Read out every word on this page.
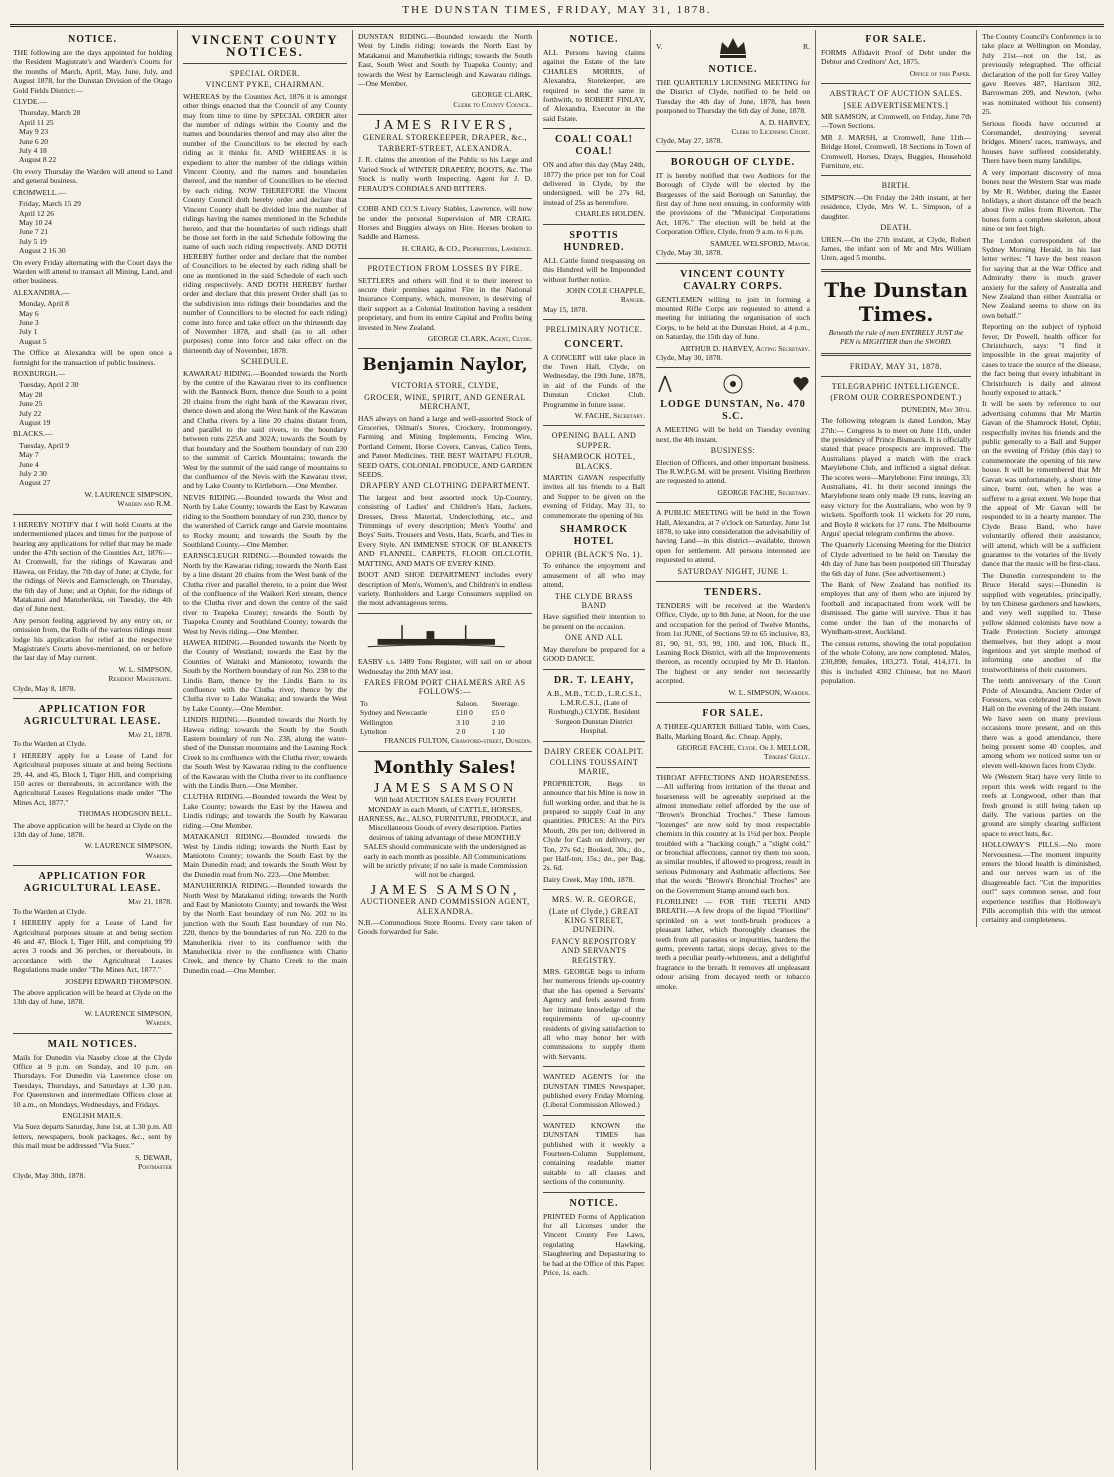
THE DUNSTAN TIMES, FRIDAY, MAY 31, 1878.
NOTICE.

THE following are the days appointed for holding the Resident Magistrate's and Warden's Courts for the months of March, April, May, June, July, and August 1878, for the Dunstan Division of the Otago Gold Fields District:—

CLYDE.—
Thursday, March 28
April 11 25
May 9 23
June 6 20
July 4 18
August 8 22

On every Thursday the Warden will attend to Land and general business.

CROMWELL.—
Friday, March 15 29
April 12 26
May 10 24
June 7 21
July 5 19
August 2 16 30

On every Friday alternating with the Court days the Warden will attend to transact all Mining, Land, and other business.

ALEXANDRA.—
Monday, April 8
May 6
June 3
July 1
August 5

The Office at Alexandra will be open once a fortnight for the transaction of public business.

ROXBURGH.—
Tuesday, April 2 30
May 28
June 25
July 22
August 19
BLACKS.—
Tuesday, April 9
May 7
June 4
July 2 30
August 27
W. LAURENCE SIMPSON,
Warden and R.M.

I HEREBY NOTIFY that I will hold Courts at the undermentioned places and times for the purpose of hearing any applications for relief that may be made under the 47th section of the Counties Act, 1876:— At Cromwell, for the ridings of Kawarau and Hawea, on Friday, the 7th day of June; at Clyde, for the ridings of Nevis and Earnscleugh, on Thursday, the 6th day of June; and at Ophir, for the ridings of Matakanui and Manuherikia, on Tuesday, the 4th day of June next.

Any person feeling aggrieved by any entry on, or omission from, the Rolls of the various ridings must lodge his application for relief at the respective Magistrate's Courts above-mentioned, on or before the last day of May current.

W. L. SIMPSON,
Resident Magistrate.
Clyde, May 8, 1878.
APPLICATION FOR AGRICULTURAL LEASE.
May 21, 1878.
To the Warden at Clyde.

I HEREBY apply for a Lease of Land for Agricultural purposes situate at and being Sections 29, 44, and 45, Block I, Tiger Hill, and comprising 150 acres or thereabouts, in accordance with the Agricultural Leases Regulations made under "The Mines Act, 1877."

THOMAS HODGSON BELL.

The above application will be heard at Clyde on the 13th day of June, 1878.

W. LAURENCE SIMPSON,
Warden.
APPLICATION FOR AGRICULTURAL LEASE.
May 21, 1878.
To the Warden at Clyde.

I HEREBY apply for a Lease of Land for Agricultural purposes situate at and being section 46 and 47, Block I, Tiger Hill, and comprising 99 acres 3 roods and 36 perches, or thereabouts, in accordance with the Agricultural Leases Regulations made under "The Mines Act, 1877."

JOSEPH EDWARD THOMPSON.

The above application will be heard at Clyde on the 13th day of June, 1878.

W. LAURENCE SIMPSON,
Warden.
MAIL NOTICES.

Mails for Dunedin via Naseby close at the Clyde Office at 9 p.m. on Sunday, and 10 p.m. on Thursdays. For Dunedin via Lawrence close on Tuesdays, Thursdays, and Saturdays at 1.30 p.m. For Queenstown and intermediate Offices close at 10 a.m., on Mondays, Wednesdays, and Fridays.

ENGLISH MAILS.

Via Suez departs Saturday, June 1st, at 1.30 p.m. All letters, newspapers, book packages, &c., sent by this mail must be addressed "Via Suez."

S. DEWAR,
Postmaster
Clyde, May 30th, 1878.
VINCENT COUNTY NOTICES.
SPECIAL ORDER.
VINCENT PYKE, CHAIRMAN.

WHEREAS by the Counties Act, 1876 it is amongst other things enacted that the Council of any County may from time to time by SPECIAL ORDER alter the number of ridings within the County and the names and boundaries thereof and may also alter the number of the Councillors to be elected by each riding as it thinks fit. AND WHEREAS it is expedient to alter the number of the ridings within Vincent County, and the names and boundaries thereof, and the number of Councillors to be elected by each riding. NOW THEREFORE the Vincent County Council doth hereby order and declare that Vincent County shall be divided into the number of ridings having the names mentioned in the Schedule hereto, and that the boundaries of such ridings shall be those set forth in the said Schedule following the name of each such riding respectively. AND DOTH HEREBY further order and declare that the number of Councillors to be elected by each riding shall be one as mentioned in the said Schedule of each such riding respectively. AND DOTH HEREBY further order and declare that this present Order shall (as to the subdivision into ridings their boundaries and the number of Councillors to be elected for each riding) come into force and take effect on the thirteenth day of November 1878, and shall (as to all other purposes) come into force and take effect on the thirteenth day of November, 1878.

SCHEDULE.

KAWARAU RIDING.—Bounded towards the North by the centre of the Kawarau river to its confluence with the Bannock Burn, thence due South to a point 20 chains from the right bank of the Kawarau river, thence down and along the West bank of the Kawarau and Clutha rivers by a line 20 chains distant from, and parallel to the said rivers, to the boundary between runs 225A and 302A; towards the South by that boundary and the Southern boundary of run 230 to the summit of Carrick Mountains; towards the West by the summit of the said range of mountains to the confluence of the Nevis with the Kawarau river, and by Lake County to Kirtleburn.—One Member.

NEVIS RIDING.—Bounded towards the West and North by Lake County; towards the East by Kawarau riding to the Southern boundary of run 230, thence by the watershed of Carrick range and Garvie mountains to Rocky mount; and towards the South by the Southland County.—One Member.

EARNSCLEUGH RIDING.—Bounded towards the North by the Kawarau riding; towards the North East by a line distant 20 chains from the West bank of the Clutha river and parallel thereto, to a point due West of the confluence of the Waikeri Keri stream, thence to the Clutha river and down the centre of the said river to Teapeka County; towards the South by Tuapeka County and Southland County; towards the West by Nevis riding.—One Member.

HAWEA RIDING.—Bounded towards the North by the County of Westland; towards the East by the Counties of Waitaki and Maniototo; towards the South by the Northern boundary of run No. 238 to the Lindis Barn, thence by the Lindis Barn to its confluence with the Clutha river, thence by the Clutha river to Lake Wanaka; and towards the West by Lake County.—One Member.

LINDIS RIDING.—Bounded towards the North by Hawea riding; towards the South by the South Eastern boundary of run No. 238, along the water-shed of the Dunstan mountains and the Leaning Rock Creek to its confluence with the Clutha river; towards the South West by Kawarau riding to the confluence of the Kawarau with the Clutha river to its confluence with the Lindis Burn.—One Member.

CLUTHA RIDING.—Bounded towards the West by Lake County; towards the East by the Hawea and Lindis ridings; and towards the South by Kawarau riding.—One Member.

MATAKANUI RIDING.—Bounded towards the West by Lindis riding; towards the North East by Maniototo County; towards the South East by the Main Dunedin road; and towards the South West by the Dunedin road from No. 223.—One Member.

MANUHERIKIA RIDING.—Bounded towards the North West by Matakanui riding; towards the North and East by Maniototo County; and towards the West by the North East boundary of run No. 202 to its junction with the South East boundary of run No. 220, thence by the boundaries of run No. 220 to the Manuherikia river to its confluence with the Manuherikia river to the confluence with Chatto Creek, and thence by Chatto Creek to the main Dunedin road.—One Member.

DUNSTAN RIDING.—Bounded towards the North West by Lindis riding; towards the North East by Matakanui and Manuherikia ridings; towards the South East, South West and South by Tuapeka County; and towards the West by Earnscleugh and Kawarau ridings.—One Member.

GEORGE CLARK,
Clerk to County Council.
JAMES RIVERS,
GENERAL STOREKEEPER, DRAPER, &c.,
TARBERT-STREET, ALEXANDRA.

J. R. claims the attention of the Public to his Large and Varied Stock of WINTER DRAPERY, BOOTS, &c. The Stock is really worth Inspecting. Agent for J. D. FERAUD'S CORDIALS AND BITTERS.

COBB AND CO.'S Livery Stables, Lawrence, will now be under the personal Supervision of MR CRAIG. Horses and Buggies always on Hire. Horses broken to Saddle and Harness.

H. CRAIG, & CO., Proprietors, Lawrence.
PROTECTION FROM LOSSES BY FIRE.

SETTLERS and others will find it to their interest to secure their premises against Fire in the National Insurance Company, which, moreover, is deserving of their support as a Colonial Institution having a resident proprietary, and from its entire Capital and Profits being invested in New Zealand.

GEORGE CLARK, Agent, Clyde.
Benjamin Naylor,
VICTORIA STORE, CLYDE,
GROCER, WINE, SPIRIT, AND GENERAL MERCHANT,

HAS always on hand a large and well-assorted Stock of Groceries, Oilman's Stores, Crockery, Ironmongery, Farming and Mining Implements, Fencing Wire, Portland Cement, Horse Covers, Canvas, Calico Tents, and Patent Medicines. THE BEST WAITAPU FLOUR, SEED OATS, COLONIAL PRODUCE, AND GARDEN SEEDS.

DRAPERY AND CLOTHING DEPARTMENT.

The largest and best assorted stock Up-Country, consisting of Ladies' and Children's Hats, Jackets, Dresses, Dress Material, Underclothing, etc., and Trimmings of every description; Men's Youths' and Boys' Suits. Trousers and Vests, Hats, Scarfs, and Ties in Every Style. AN IMMENSE STOCK OF BLANKETS AND FLANNEL. CARPETS, FLOOR OILCLOTH, MATTING, AND MATS OF EVERY KIND.

BOOT AND SHOE DEPARTMENT includes every description of Men's, Women's, and Children's in endless variety. Runholders and Large Consumers supplied on the most advantageous terms.

EASBY s.s. 1489 Tons Register, will sail on or about Wednesday the 20th MAY inst.

FARES FROM PORT CHALMERS ARE AS FOLLOWS:—
To	Saloon.	Steerage.
Sydney and Newcastle	£10 0	£5 0
Wellington	3 10	2 10
Lyttelton	2 0	1 10
FRANCIS FULTON, Crawford-street, Dunedin.
Monthly Sales!
JAMES SAMSON

Will hold AUCTION SALES Every FOURTH MONDAY in each Month, of CATTLE, HORSES, HARNESS, &c., ALSO, FURNITURE, PRODUCE, and Miscellaneous Goods of every description. Parties desirous of taking advantage of these MONTHLY SALES should communicate with the undersigned as early in each month as possible. All Communications will be strictly private; if no sale is made Commission will not be charged.

JAMES SAMSON,
AUCTIONEER AND COMMISSION AGENT, ALEXANDRA.

N.B.—Commodious Store Rooms. Every care taken of Goods forwarded for Sale.

NOTICE.

ALL Persons having claims against the Estate of the late CHARLES MORRIS, of Alexandra, Storekeeper, are required to send the same in forthwith, to ROBERT FINLAY, of Alexandra, Executor in the said Estate.

COAL! COAL! COAL!

ON and after this day (May 24th, 1877) the price per ton for Coal delivered in Clyde, by the undersigned, will be 27s 6d, instead of 25s as heretofore.

CHARLES HOLDEN.
SPOTTIS HUNDRED.

ALL Cattle found trespassing on this Hundred will be Impounded without further notice.

JOHN COLE CHAPPLE, Ranger.
May 15, 1878.
PRELIMINARY NOTICE.
CONCERT.

A CONCERT will take place in the Town Hall, Clyde, on Wednesday, the 19th June, 1878, in aid of the Funds of the Dunstan Cricket Club. Programme in future issue.

W. FACHE, Secretary.
OPENING BALL AND SUPPER.
SHAMROCK HOTEL, BLACKS.

MARTIN GAVAN respectfully invites all his friends to a Ball and Supper to be given on the evening of Friday, May 31, to commemorate the opening of his

SHAMROCK HOTEL
OPHIR (BLACK'S No. 1).

To enhance the enjoyment and amusement of all who may attend,

THE CLYDE BRASS BAND

Have signified their intention to be present on the occasion.

ONE AND ALL

May therefore be prepared for a GOOD DANCE.

DR. T. LEAHY,

A.B., M.B., T.C.D., L.R.C.S.I., L.M.R.C.S.I., (Late of Roxburgh,) CLYDE. Resident Surgeon Dunstan District Hospital.

DAIRY CREEK COALPIT.
COLLINS TOUSSAINT MARIE,

PROPRIETOR, Begs to announce that his Mine is now in full working order, and that he is prepared to supply Coal in any quantities. PRICES: At the Pit's Mouth, 20s per ton; delivered in Clyde for Cash on delivery, per Ton, 27s 6d.; Booked, 30s.; do., per Half-ton, 15s.; do., per Bag, 2s. 6d.

Dairy Creek, May 10th, 1878.
MRS. W. R. GEORGE,
(Late of Clyde,) GREAT KING STREET, DUNEDIN.
FANCY REPOSITORY AND SERVANTS REGISTRY.

MRS. GEORGE begs to inform her numerous friends up-country that she has opened a Servants' Agency and feels assured from her intimate knowledge of the requirements of up-country residents of giving satisfaction to all who may honor her with commissions to supply them with Servants.

WANTED AGENTS for the DUNSTAN TIMES Newspaper, published every Friday Morning. (Liberal Commission Allowed.)

WANTED KNOWN the DUNSTAN TIMES has published with it weekly a Fourteen-Column Supplement, containing readable matter suitable to all classes and sections of the community.

NOTICE.

PRINTED Forms of Application for all Licenses under the Vincent County Fee Laws, regulating Hawking, Slaughtering and Depasturing to be had at the Office of this Paper. Price, 1s. each.

V.	R.
NOTICE.

THE QUARTERLY LICENSING MEETING for the District of Clyde, notified to be held on Tuesday the 4th day of June, 1878, has been postponed to Thursday the 6th day of June, 1878.

A. D. HARVEY,
Clerk to Licensing Court.
Clyde, May 27, 1878.
BOROUGH OF CLYDE.

IT is hereby notified that two Auditors for the Borough of Clyde will be elected by the Burgesses of the said Borough on Saturday, the first day of June next ensuing, in conformity with the provisions of the "Municipal Corporations Act, 1876." The election will be held at the Corporation Office, Clyde, from 9 a.m. to 6 p.m.

SAMUEL WELSFORD, Mayor.
Clyde, May 30, 1878.
VINCENT COUNTY CAVALRY CORPS.

GENTLEMEN willing to join in forming a mounted Rifle Corps are requested to attend a meeting for initiating the organisation of such Corps, to be held at the Dunstan Hotel, at 4 p.m., on Saturday, the 15th day of June.

ARTHUR D. HARVEY, Acting Secretary.
Clyde, May 30, 1878.
LODGE DUNSTAN, No. 470 S.C.

A MEETING will be held on Tuesday evening next, the 4th instant.

BUSINESS:

Election of Officers, and other important business. The R.W.P.G.M. will be present. Visiting Brethren are requested to attend.

GEORGE FACHE, Secretary.

A PUBLIC MEETING will be held in the Town Hall, Alexandra, at 7 o'clock on Saturday, June 1st 1878, to take into consideration the advisability of having Land—in this district—available, thrown open for settlement. All persons interested are requested to attend.

SATURDAY NIGHT, JUNE 1.
TENDERS.

TENDERS will be received at the Warden's Office, Clyde, up to 8th June, at Noon, for the use and occupation for the period of Twelve Months, from 1st JUNE, of Sections 59 to 65 inclusive, 83, 81, 90, 91, 93, 99, 100, and 106, Block II., Leaning Rock District, with all the Improvements thereon, as recently occupied by Mr D. Hanlon. The highest or any tender not necessarily accepted.

W. L. SIMPSON, Warden.
FOR SALE.

A THREE-QUARTER Billiard Table, with Cues, Balls, Marking Board, &c. Cheap. Apply,

GEORGE FACHE, Clyde. Or J. MELLOR, Tinkers' Gully.

THROAT AFFECTIONS AND HOARSENESS.—All suffering from irritation of the throat and hoarseness will be agreeably surprised at the almost immediate relief afforded by the use of "Brown's Bronchial Troches." These famous "lozenges" are now sold by most respectable chemists in this country at 1s 1½d per box. People troubled with a "hacking cough," a "slight cold," or bronchial affections, cannot try them too soon, as similar troubles, if allowed to progress, result in serious Pulmonary and Asthmatic affections. See that the words "Brown's Bronchial Troches" are on the Government Stamp around each box.

FLORILINE! — FOR THE TEETH AND BREATH.—A few drops of the liquid "Floriline" sprinkled on a wet tooth-brush produces a pleasant lather, which thoroughly cleanses the teeth from all parasites or impurities, hardens the gums, prevents tartar, stops decay, gives to the teeth a peculiar pearly-whiteness, and a delightful fragrance to the breath. It removes all unpleasant odour arising from decayed teeth or tobacco smoke.

FOR SALE.

FORMS Affidavit Proof of Debt under the Debtor and Creditors' Act, 1875.

Office of this Paper.
ABSTRACT OF AUCTION SALES.
[SEE ADVERTISEMENTS.]

MR SAMSON, at Cromwell, on Friday, June 7th—Town Sections.

MR J. MARSH, at Cromwell, June 11th—Bridge Hotel, Cromwell, 18 Sections in Town of Cromwell, Horses, Drays, Buggies, Household Furniture, etc.

BIRTH.

SIMPSON.—On Friday the 24th instant, at her residence, Clyde, Mrs W. L. Simpson, of a daughter.

DEATH.

UREN.—On the 27th instant, at Clyde, Robert James, the infant son of Mr and Mrs William Uren, aged 5 months.

The Dunstan Times.
Beneath the rule of men ENTIRELY JUST the PEN is MIGHTIER than the SWORD.
FRIDAY, MAY 31, 1878.
TELEGRAPHIC INTELLIGENCE.
(FROM OUR CORRESPONDENT.)
DUNEDIN, May 30th.

The following telegram is dated London, May 27th:— Congress is to meet on June 11th, under the presidency of Prince Bismarck. It is officially stated that peace prospects are improved. The Australians played a match with the crack Marylebone Club, and inflicted a signal defeat. The scores were—Marylebone: First innings, 33; Australians, 41. In their second innings the Marylebone team only made 19 runs, leaving an easy victory for the Australians, who won by 9 wickets. Spofforth took 11 wickets for 20 runs, and Boyle 8 wickets for 17 runs. The Melbourne Argus' special telegram confirms the above.

The Quarterly Licensing Meeting for the District of Clyde advertised to be held on Tuesday the 4th day of June has been postponed till Thursday the 6th day of June. (See advertisement.)

The Bank of New Zealand has notified its employes that any of them who are injured by football and incapacitated from work will be dismissed. The game will survive. Thus it has come under the ban of the monarchs of Wyndham-street, Auckland.

The census returns, showing the total population of the whole Colony, are now completed. Males, 230,898; females, 183,273. Total, 414,171. In this is included 4302 Chinese, but no Maori population.

The County Council's Conference is to take place at Wellington on Monday, July 21st—not on the 1st, as previously telegraphed. The official declaration of the poll for Grey Valley gave Reeves 487, Harrison 302, Barrowman 209, and Newton, (who was nominated without his consent) 25.

Serious floods have occurred at Coromandel, destroying several bridges. Miners' races, tramways, and houses have suffered considerably. There have been many landslips.

A very important discovery of moa bones near the Western Star was made by Mr R. Webber, during the Easter holidays, a short distance off the beach about five miles from Riverton. The bones form a complete skeleton, about nine or ten feet high.

The London correspondent of the Sydney Morning Herald, in his last letter writes: "I have the best reason for saying that at the War Office and Admiralty there is much graver anxiety for the safety of Australia and New Zealand than either Australia or New Zealand seems to show on its own behalf."

Reporting on the subject of typhoid fever, Dr Powell, health officer for Christchurch, says: "I find it impossible in the great majority of cases to trace the source of the disease, the fact being that every inhabitant in Christchurch is daily and almost hourly exposed to attack."

It will be seen by reference to our advertising columns that Mr Martin Gavan of the Shamrock Hotel, Ophir, respectfully invites his friends and the public generally to a Ball and Supper on the evening of Friday (this day) to commemorate the opening of his new house. It will be remembered that Mr Gavan was unfortunately, a short time since, burnt out, when he was a sufferer to a great extent. We hope that the appeal of Mr Gavan will be responded to in a hearty manner. The Clyde Brass Band, who have voluntarily offered their assistance, will attend, which will be a sufficient guarantee to the votaries of the lively dance that the music will be first-class.

The Dunedin correspondent to the Bruce Herald says:—Dunedin is supplied with vegetables, principally, by ten Chinese gardeners and hawkers, and very well supplied to. These yellow skinned colonists have now a Trade Protection Society amongst themselves, but they adopt a most ingenious and yet simple method of informing one another of the trustworthiness of their customers.

The tenth anniversary of the Court Pride of Alexandra, Ancient Order of Foresters, was celebrated in the Town Hall on the evening of the 24th instant. We have seen on many previous occasions more present, and on this there was a good attendance, there being present some 40 couples, and among whom we noticed some ten or eleven well-known faces from Clyde.

We (Western Star) have very little to report this week with regard to the reefs at Longwood, other than that fresh ground is still being taken up daily. The various parties on the ground are simply clearing sufficient space to erect huts, &c.

HOLLOWAY'S PILLS.—No more Nervousness.—The moment impurity enters the blood health is diminished, and our nerves warn us of the disagreeable fact. "Cut the impurities out!" says common sense, and four experience testifies that Holloway's Pills accomplish this with the utmost certainty and completeness.
